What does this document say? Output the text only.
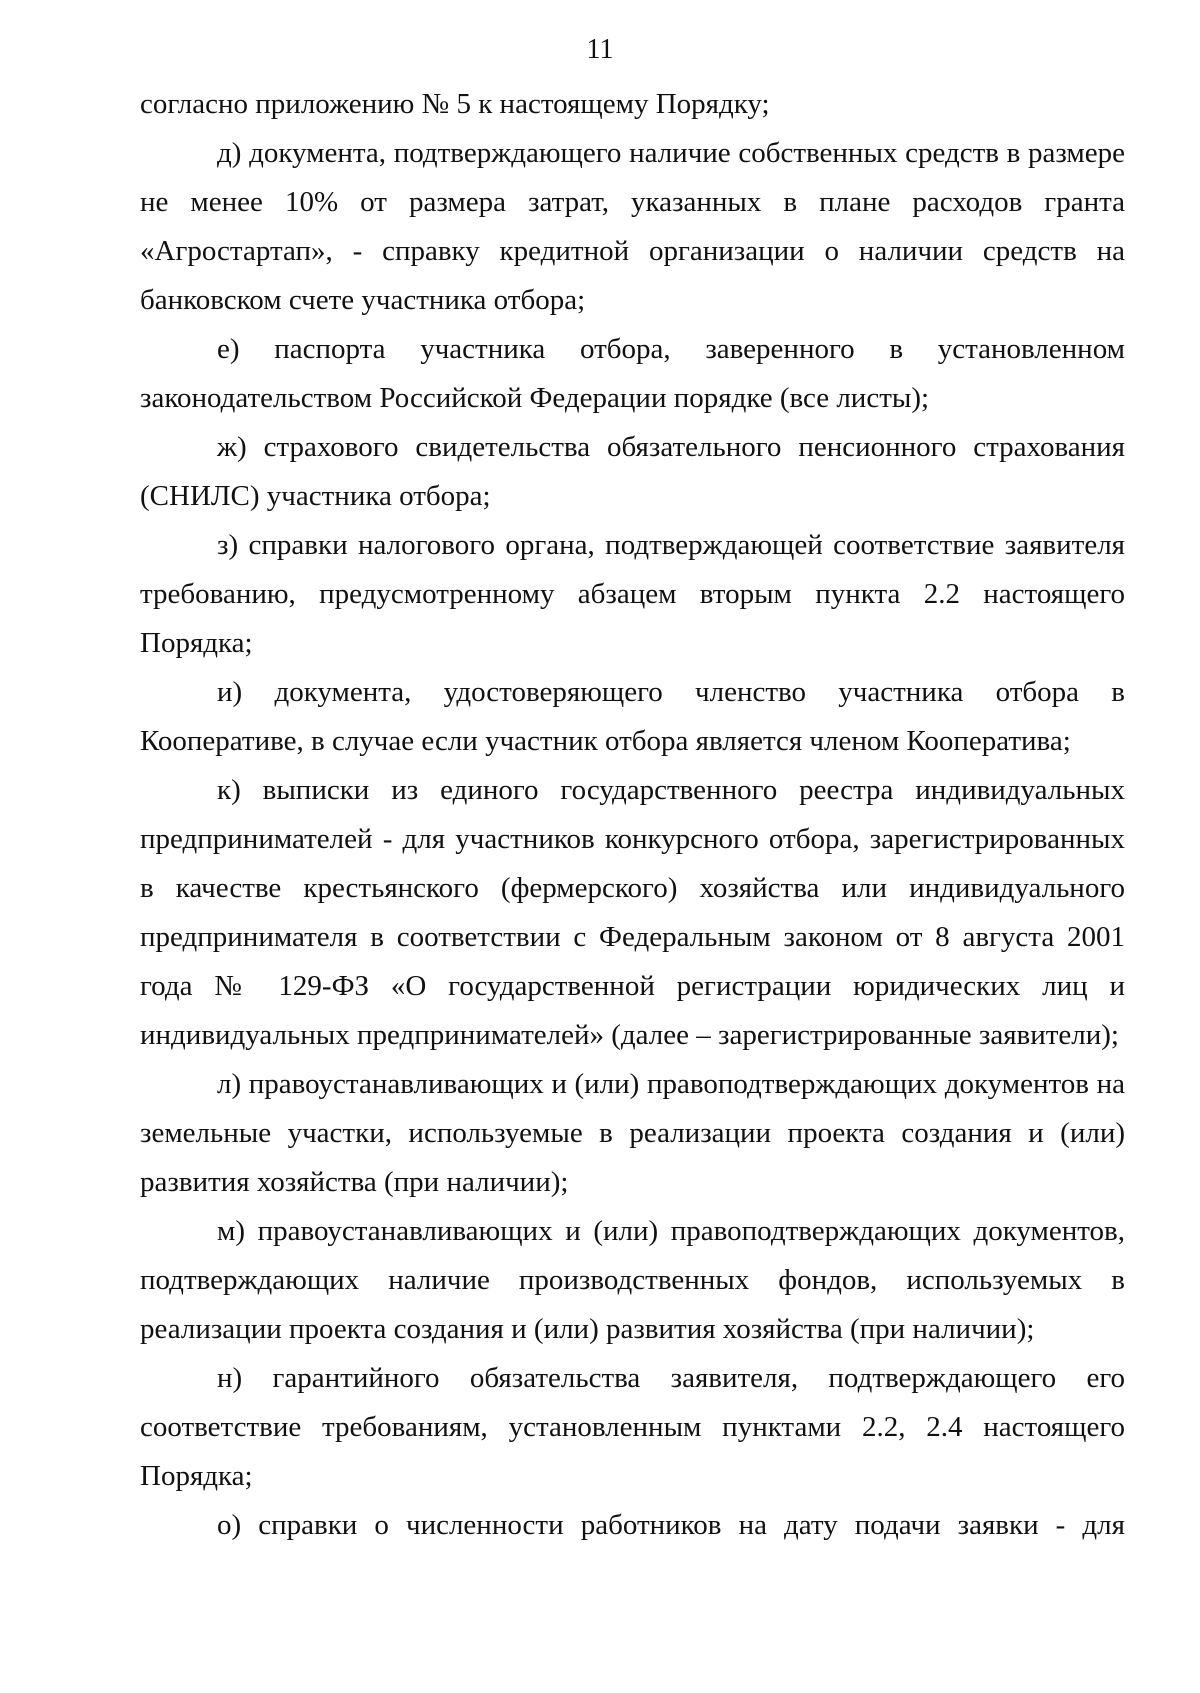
11

согласно приложению № 5 к настоящему Порядку;

д) документа, подтверждающего наличие собственных средств в размере не менее 10% от размера затрат, указанных в плане расходов гранта «Агростартап», - справку кредитной организации о наличии средств на банковском счете участника отбора;

е) паспорта участника отбора, заверенного в установленном законодательством Российской Федерации порядке (все листы);

ж) страхового свидетельства обязательного пенсионного страхования (СНИЛС) участника отбора;

з) справки налогового органа, подтверждающей соответствие заявителя требованию, предусмотренному абзацем вторым пункта 2.2 настоящего Порядка;

и) документа, удостоверяющего членство участника отбора в Кооперативе, в случае если участник отбора является членом Кооператива;

к) выписки из единого государственного реестра индивидуальных предпринимателей - для участников конкурсного отбора, зарегистрированных в качестве крестьянского (фермерского) хозяйства или индивидуального предпринимателя в соответствии с Федеральным законом от 8 августа 2001 года № 129-ФЗ «О государственной регистрации юридических лиц и индивидуальных предпринимателей» (далее – зарегистрированные заявители);

л) правоустанавливающих и (или) правоподтверждающих документов на земельные участки, используемые в реализации проекта создания и (или) развития хозяйства (при наличии);

м) правоустанавливающих и (или) правоподтверждающих документов, подтверждающих наличие производственных фондов, используемых в реализации проекта создания и (или) развития хозяйства (при наличии);

н) гарантийного обязательства заявителя, подтверждающего его соответствие требованиям, установленным пунктами 2.2, 2.4 настоящего Порядка;

о) справки о численности работников на дату подачи заявки - для
